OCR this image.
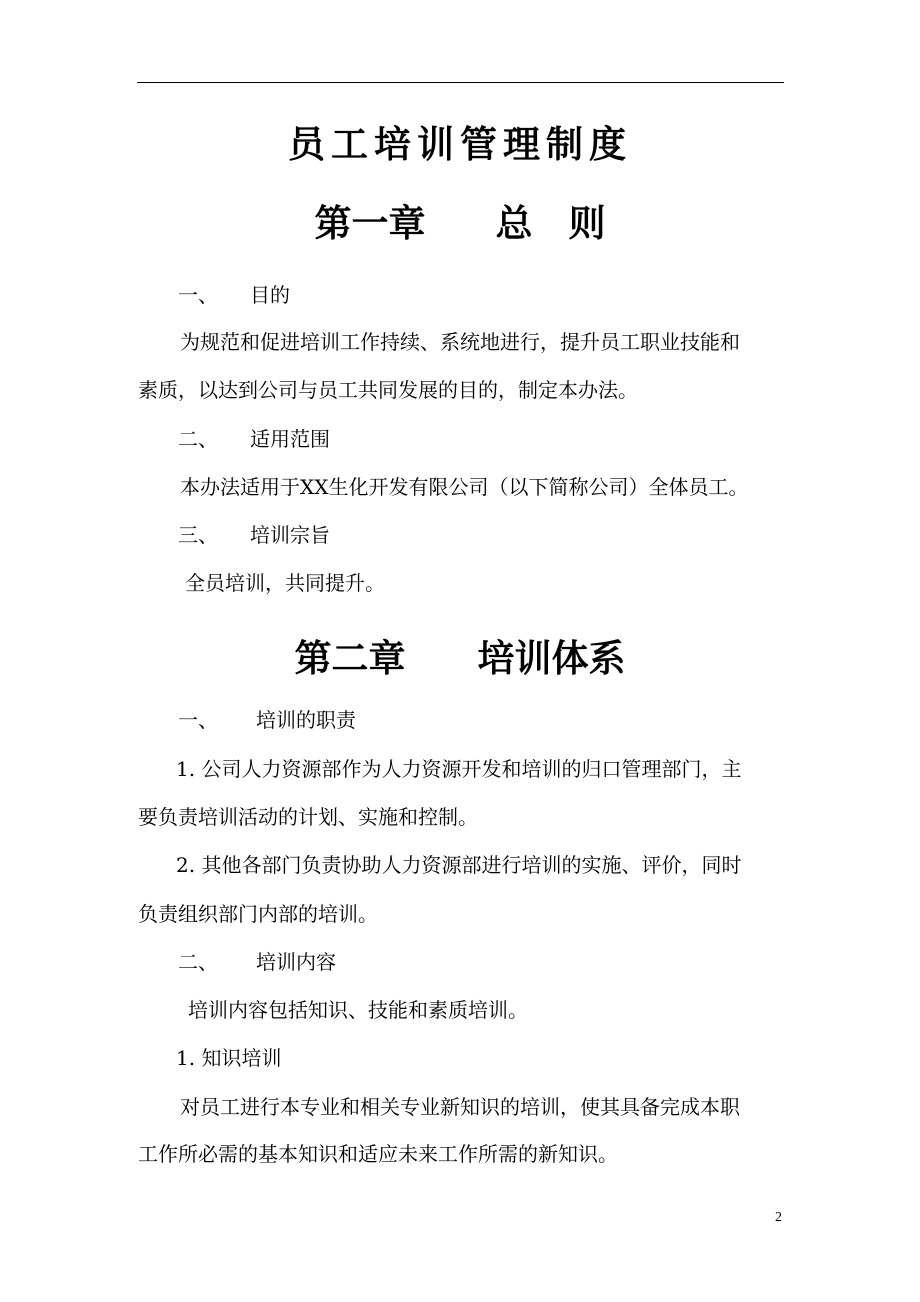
员工培训管理制度
第一章 总 则
一、 目的
为规范和促进培训工作持续、系统地进行，提升员工职业技能和
素质，以达到公司与员工共同发展的目的，制定本办法。
二、 适用范围
本办法适用于XX生化开发有限公司（以下简称公司）全体员工。
三、 培训宗旨
全员培训，共同提升。
第二章 培训体系
一、 培训的职责
1. 公司人力资源部作为人力资源开发和培训的归口管理部门，主
要负责培训活动的计划、实施和控制。
2. 其他各部门负责协助人力资源部进行培训的实施、评价，同时
负责组织部门内部的培训。
二、 培训内容
培训内容包括知识、技能和素质培训。
1. 知识培训
对员工进行本专业和相关专业新知识的培训，使其具备完成本职
工作所必需的基本知识和适应未来工作所需的新知识。
2
